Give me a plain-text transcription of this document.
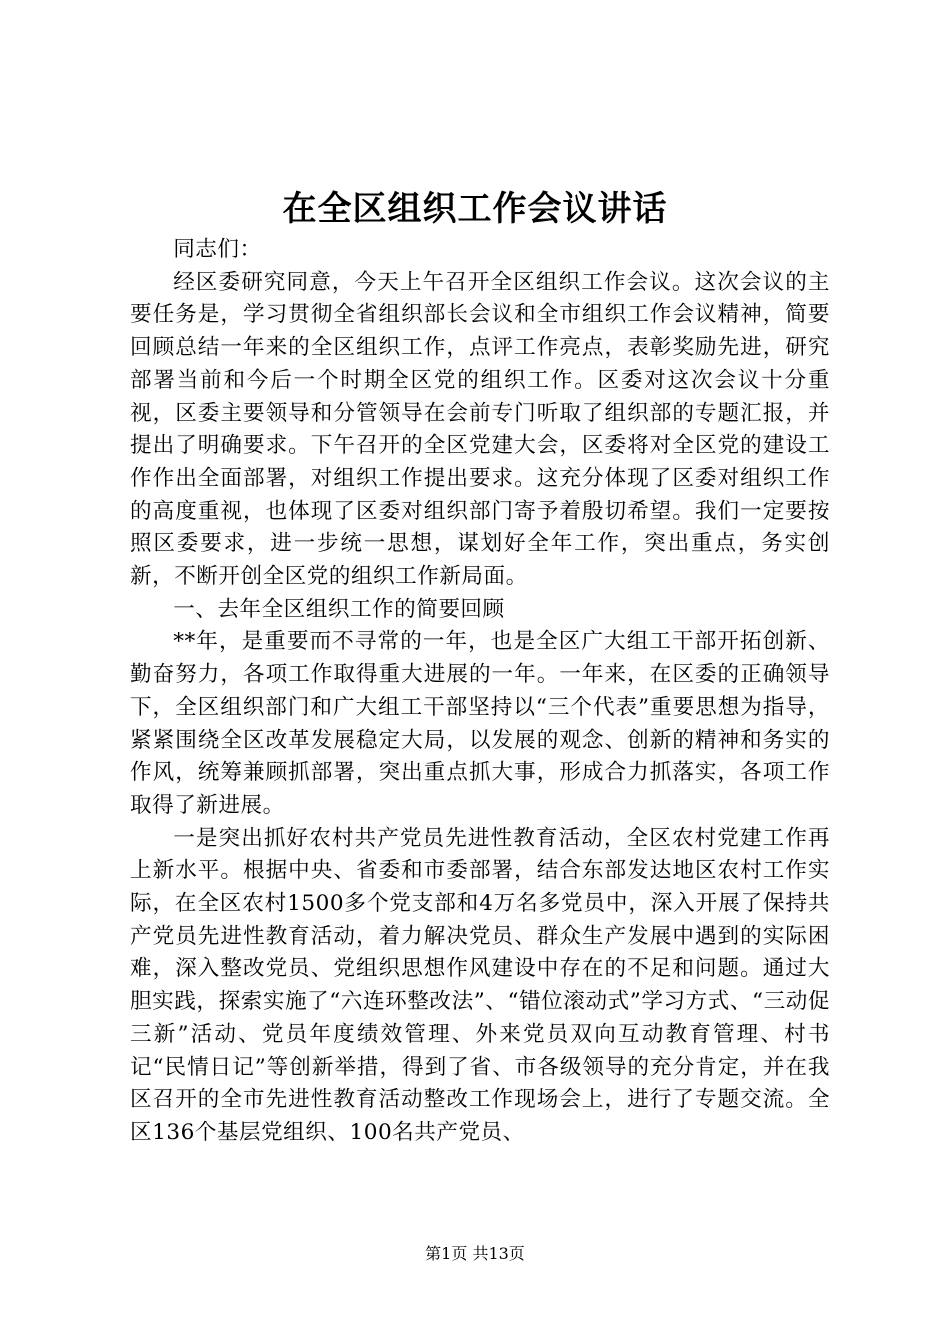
在全区组织工作会议讲话

同志们：

经区委研究同意，今天上午召开全区组织工作会议。这次会议的主要任务是，学习贯彻全省组织部长会议和全市组织工作会议精神，简要回顾总结一年来的全区组织工作，点评工作亮点，表彰奖励先进，研究部署当前和今后一个时期全区党的组织工作。区委对这次会议十分重视，区委主要领导和分管领导在会前专门听取了组织部的专题汇报，并提出了明确要求。下午召开的全区党建大会，区委将对全区党的建设工作作出全面部署，对组织工作提出要求。这充分体现了区委对组织工作的高度重视，也体现了区委对组织部门寄予着殷切希望。我们一定要按照区委要求，进一步统一思想，谋划好全年工作，突出重点，务实创新，不断开创全区党的组织工作新局面。

一、去年全区组织工作的简要回顾

**年，是重要而不寻常的一年，也是全区广大组工干部开拓创新、勤奋努力，各项工作取得重大进展的一年。一年来，在区委的正确领导下，全区组织部门和广大组工干部坚持以“三个代表”重要思想为指导，紧紧围绕全区改革发展稳定大局，以发展的观念、创新的精神和务实的作风，统筹兼顾抓部署，突出重点抓大事，形成合力抓落实，各项工作取得了新进展。

一是突出抓好农村共产党员先进性教育活动，全区农村党建工作再上新水平。根据中央、省委和市委部署，结合东部发达地区农村工作实际，在全区农村1500多个党支部和4万名多党员中，深入开展了保持共产党员先进性教育活动，着力解决党员、群众生产发展中遇到的实际困难，深入整改党员、党组织思想作风建设中存在的不足和问题。通过大胆实践，探索实施了“六连环整改法”、“错位滚动式”学习方式、“三动促三新”活动、党员年度绩效管理、外来党员双向互动教育管理、村书记“民情日记”等创新举措，得到了省、市各级领导的充分肯定，并在我区召开的全市先进性教育活动整改工作现场会上，进行了专题交流。全区136个基层党组织、100名共产党员、

第1页 共13页
